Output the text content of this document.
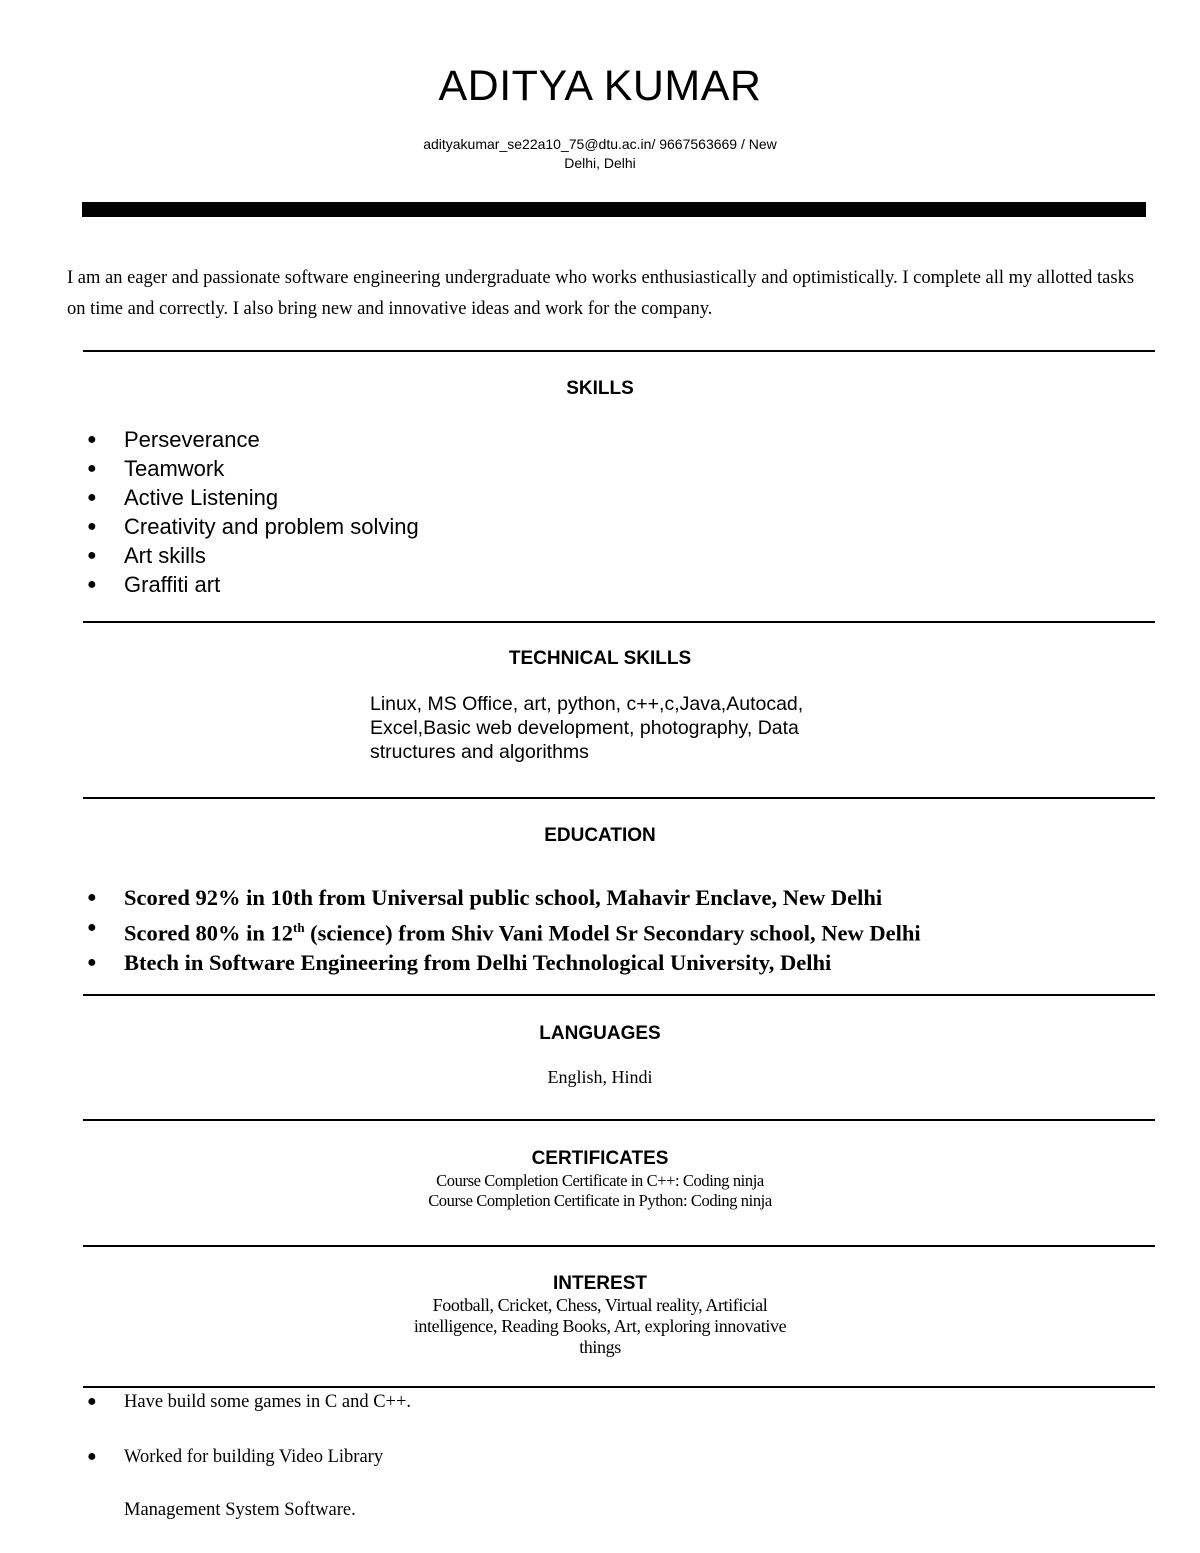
ADITYA KUMAR
adityakumar_se22a10_75@dtu.ac.in/ 9667563669 / New
Delhi, Delhi
I am an eager and passionate software engineering undergraduate who works enthusiastically and optimistically. I complete all my allotted tasks on time and correctly. I also bring new and innovative ideas and work for the company.
SKILLS
● Perseverance
● Teamwork
● Active Listening
● Creativity and problem solving
● Art skills
● Graffiti art
TECHNICAL SKILLS
Linux, MS Office, art, python, c++,c,Java,Autocad,
Excel,Basic web development, photography, Data
structures and algorithms
EDUCATION
● Scored 92% in 10th from Universal public school, Mahavir Enclave, New Delhi
● Scored 80% in 12th (science) from Shiv Vani Model Sr Secondary school, New Delhi
● Btech in Software Engineering from Delhi Technological University, Delhi
LANGUAGES
English, Hindi
CERTIFICATES
Course Completion Certificate in C++: Coding ninja
Course Completion Certificate in Python: Coding ninja
INTEREST
Football, Cricket, Chess, Virtual reality, Artificial
intelligence, Reading Books, Art, exploring innovative
things
● Have build some games in C and C++.
● Worked for building Video Library
Management System Software.
